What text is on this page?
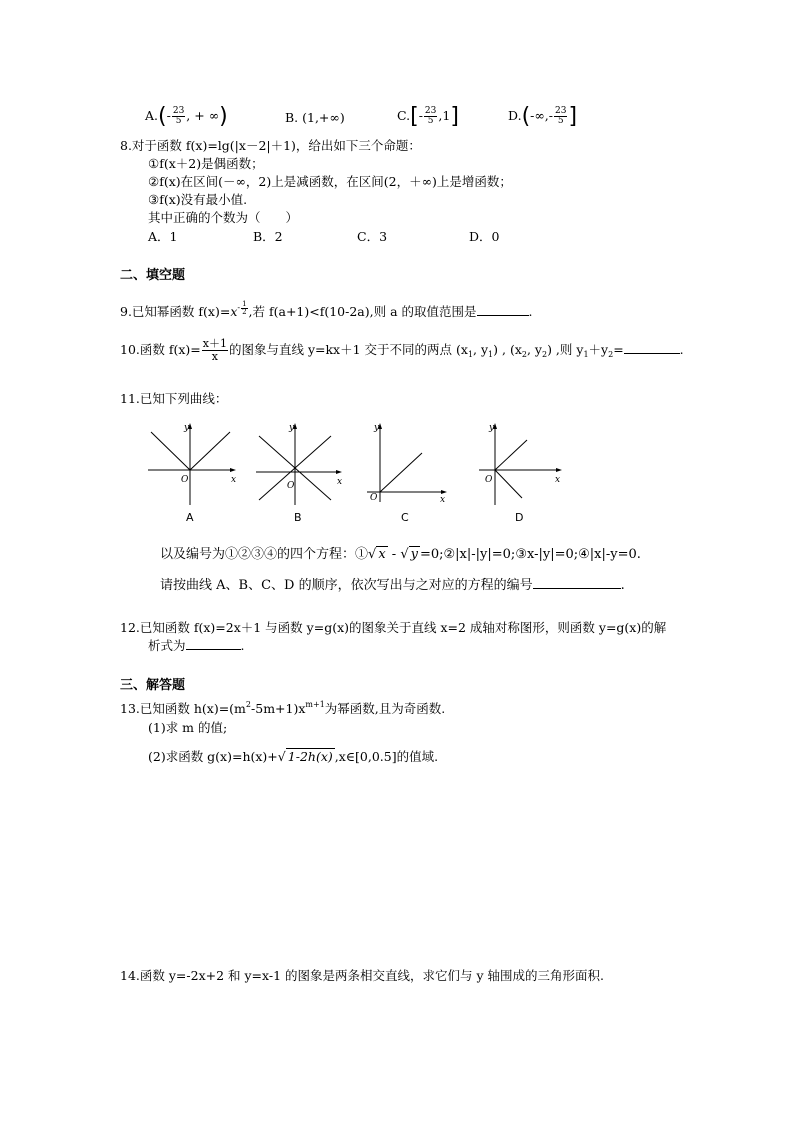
$A.(- \frac{23}{5}$ , + ∞)	B. (1,+∞)	$C.[- \frac{23}{5} ,1]$	$D.(-\infty,- \frac{23}{5}$ ]
8.对于函数 f(x)=lg(|x－2|＋1)，给出如下三个命题：
①f(x＋2)是偶函数；
②f(x)在区间(－∞，2)上是减函数，在区间(2，＋∞)上是增函数；
③f(x)没有最小值.
其中正确的个数为（　　）
A．1	B．2	C．3	D．0
二、填空题
9.已知幂函数 $f(x)=x^{- \frac{1}{2}}$ ,若 f(a+1)<f(10-2a),则 a 的取值范围是	.
10.函数 $f(x)= \frac{x+1}{x}$ 的图象与直线 y=kx＋1 交于不同的两点 ($x_1$, $y_1$) , ($x_2$, $y_2$) ,则 $y_1+y_2=$	.
11.已知下列曲线：
y
x
O
A
y
x
O
B
y
x
O
C
y
x
O
D
以及编号为①②③④的四个方程：①√ x - √ y =0;②|x|-|y|=0;③x-|y|=0;④|x|-y=0.
请按曲线 A、B、C、D 的顺序，依次写出与之对应的方程的编号	.
12.已知函数 f(x)=2x＋1 与函数 y=g(x)的图象关于直线 x=2 成轴对称图形，则函数 y=g(x)的解
析式为	.
三、解答题
13.已知函数 $h(x)=(m^2-5m+1)x^{m+1}$为幂函数,且为奇函数.
(1)求 m 的值;
(2)求函数 g(x)=h(x)+√ 1-2h(x) ,x∈[0,0.5]的值域.
14.函数 y=-2x+2 和 y=x-1 的图象是两条相交直线，求它们与 y 轴围成的三角形面积.
